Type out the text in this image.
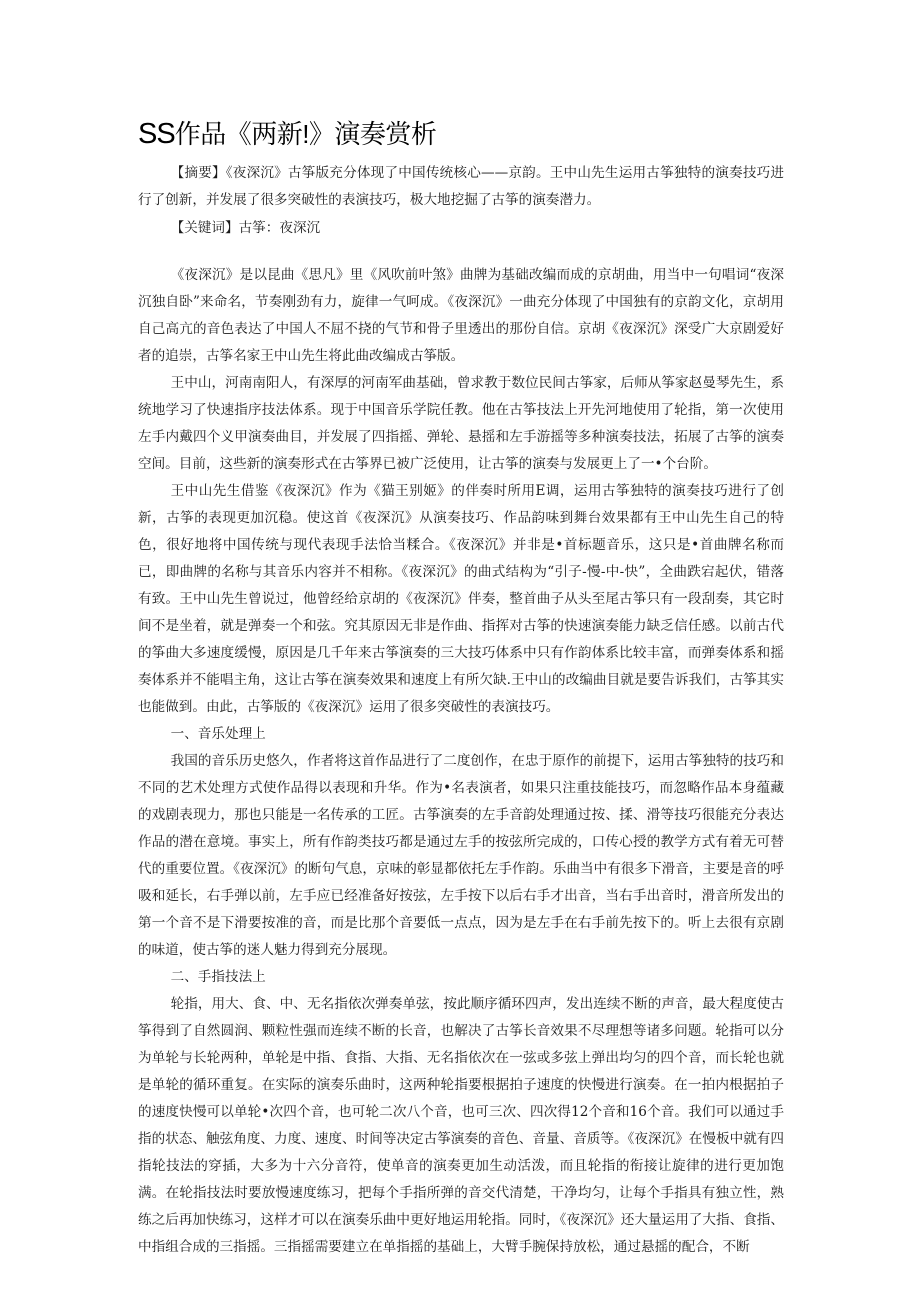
SS作品《两新!》演奏赏析

【摘要】《夜深沉》古筝版充分体现了中国传统核心——京韵。王中山先生运用古筝独特的演奏技巧进行了创新，并发展了很多突破性的表演技巧，极大地挖掘了古筝的演奏潜力。

【关键词】古筝：夜深沉

《夜深沉》是以昆曲《思凡》里《风吹前叶煞》曲牌为基础改编而成的京胡曲，用当中一句唱词“夜深沉独自卧”来命名，节奏刚劲有力，旋律一气呵成。《夜深沉》一曲充分体现了中国独有的京韵文化，京胡用自己高亢的音色表达了中国人不屈不挠的气节和骨子里透出的那份自信。京胡《夜深沉》深受广大京剧爱好者的追崇，古筝名家王中山先生将此曲改编成古筝版。

王中山，河南南阳人，有深厚的河南军曲基础，曾求教于数位民间古筝家，后师从筝家赵曼琴先生，系统地学习了快速指序技法体系。现于中国音乐学院任教。他在古筝技法上开先河地使用了轮指，第一次使用左手内戴四个义甲演奏曲目，并发展了四指摇、弹轮、悬摇和左手游摇等多种演奏技法，拓展了古筝的演奏空间。目前，这些新的演奏形式在古筝界已被广泛使用，让古筝的演奏与发展更上了一•个台阶。

王中山先生借鉴《夜深沉》作为《猫王别姬》的伴奏时所用E调，运用古筝独特的演奏技巧进行了创新，古筝的表现更加沉稳。使这首《夜深沉》从演奏技巧、作品韵味到舞台效果都有王中山先生自己的特色，很好地将中国传统与现代表现手法恰当糅合。《夜深沉》并非是•首标题音乐，这只是•首曲牌名称而已，即曲牌的名称与其音乐内容并不相称。《夜深沉》的曲式结构为“引子-慢-中-快”，全曲跌宕起伏，错落有致。王中山先生曾说过，他曾经给京胡的《夜深沉》伴奏，整首曲子从头至尾古筝只有一段刮奏，其它时间不是坐着，就是弹奏一个和弦。究其原因无非是作曲、指挥对古筝的快速演奏能力缺乏信任感。以前古代的筝曲大多速度缓慢，原因是几千年来古筝演奏的三大技巧体系中只有作韵体系比较丰富，而弹奏体系和摇奏体系并不能唱主角，这让古筝在演奏效果和速度上有所欠缺.王中山的改编曲目就是要告诉我们，古筝其实也能做到。由此，古筝版的《夜深沉》运用了很多突破性的表演技巧。

一、音乐处理上

我国的音乐历史悠久，作者将这首作品进行了二度创作，在忠于原作的前提下，运用古筝独特的技巧和不同的艺术处理方式使作品得以表现和升华。作为•名表演者，如果只注重技能技巧，而忽略作品本身蕴藏的戏剧表现力，那也只能是一名传承的工匠。古筝演奏的左手音韵处理通过按、揉、滑等技巧很能充分表达作品的潜在意境。事实上，所有作韵类技巧都是通过左手的按弦所完成的，口传心授的教学方式有着无可替代的重要位置。《夜深沉》的断句气息，京味的彰显都依托左手作韵。乐曲当中有很多下滑音，主要是音的呼吸和延长，右手弹以前，左手应已经准备好按弦，左手按下以后右手才出音，当右手出音时，滑音所发出的第一个音不是下滑要按准的音，而是比那个音要低一点点，因为是左手在右手前先按下的。听上去很有京剧的味道，使古筝的迷人魅力得到充分展现。

二、手指技法上

轮指，用大、食、中、无名指依次弹奏单弦，按此顺序循环四声，发出连续不断的声音，最大程度使古筝得到了自然圆润、颗粒性强而连续不断的长音，也解决了古筝长音效果不尽理想等诸多问题。轮指可以分为单轮与长轮两种，单轮是中指、食指、大指、无名指依次在一弦或多弦上弹出均匀的四个音，而长轮也就是单轮的循环重复。在实际的演奏乐曲时，这两种轮指要根据拍子速度的快慢进行演奏。在一拍内根据拍子的速度快慢可以单轮•次四个音，也可轮二次八个音，也可三次、四次得12个音和16个音。我们可以通过手指的状态、触弦角度、力度、速度、时间等决定古筝演奏的音色、音量、音质等。《夜深沉》在慢板中就有四指轮技法的穿插，大多为十六分音符，使单音的演奏更加生动活泼，而且轮指的衔接让旋律的进行更加饱满。在轮指技法时要放慢速度练习，把每个手指所弹的音交代清楚，干净均匀，让每个手指具有独立性，熟练之后再加快练习，这样才可以在演奏乐曲中更好地运用轮指。同时，《夜深沉》还大量运用了大指、食指、中指组合成的三指摇。三指摇需要建立在单指摇的基础上，大臂手腕保持放松，通过悬摇的配合，不断
